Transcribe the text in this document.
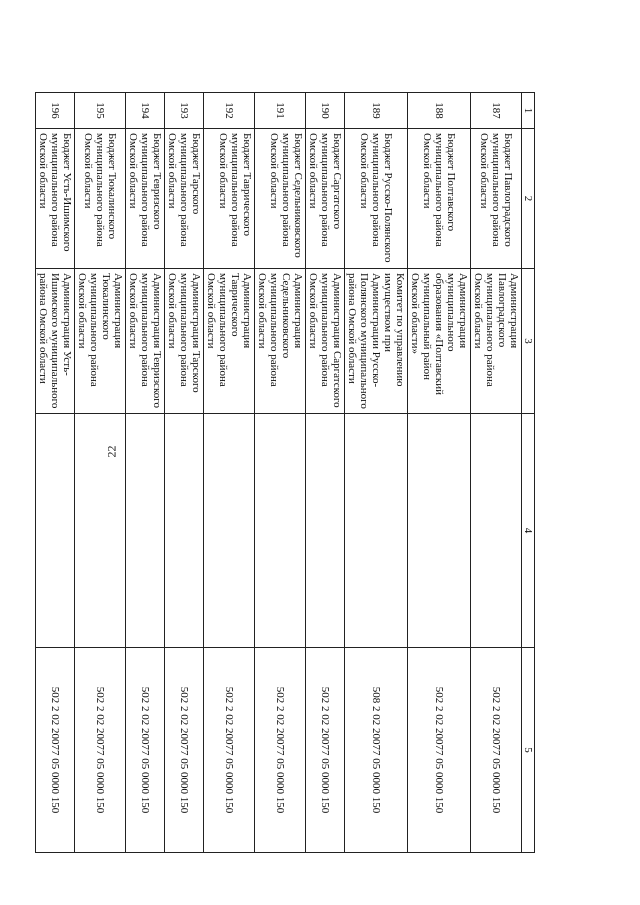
22
1	2	3	4	5
187	Бюджет Павлоградского муниципального района Омской области	Администрация Павлоградского муниципального района Омской области		502 2 02 20077 05 0000 150
188	Бюджет Полтавского муниципального района Омской области	Администрация муниципального образования «Полтавский муниципальный район Омской области»		502 2 02 20077 05 0000 150
189	Бюджет Русско-Полянского муниципального района Омской области	Комитет по управлению имуществом при Администрации Русско-Полянского муниципального района Омской области		508 2 02 20077 05 0000 150
190	Бюджет Саргатского муниципального района Омской области	Администрация Саргатского муниципального района Омской области		502 2 02 20077 05 0000 150
191	Бюджет Седельниковского муниципального района Омской области	Администрация Седельниковского муниципального района Омской области		502 2 02 20077 05 0000 150
192	Бюджет Таврического муниципального района Омской области	Администрация Таврического муниципального района Омской области		502 2 02 20077 05 0000 150
193	Бюджет Тарского муниципального района Омской области	Администрация Тарского муниципального района Омской области		502 2 02 20077 05 0000 150
194	Бюджет Тевризского муниципального района Омской области	Администрация Тевризского муниципального района Омской области		502 2 02 20077 05 0000 150
195	Бюджет Тюкалинского муниципального района Омской области	Администрация Тюкалинского муниципального района Омской области		502 2 02 20077 05 0000 150
196	Бюджет Усть-Ишимского муниципального района Омской области	Администрация Усть-Ишимского муниципального района Омской области		502 2 02 20077 05 0000 150
